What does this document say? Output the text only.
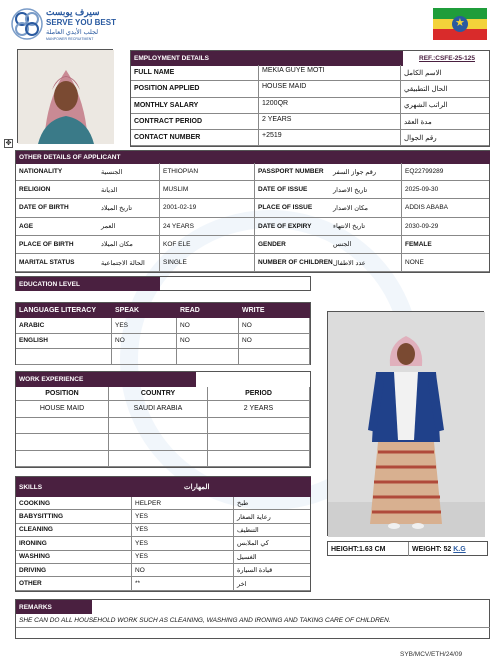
سيرف يوبست
SERVE YOU BEST
لجلب الأيدي العاملة
MANPOWER RECRUITMENT
★
✥
EMPLOYMENT DETAILS	REF.:CSFE-25-125
FULL NAME	MEKIA GUYE MOTI	الاسم الكامل
POSITION APPLIED	HOUSE MAID	الحال التطبيقي
MONTHLY SALARY	1200QR	الراتب الشهري
CONTRACT PERIOD	2 YEARS	مدة العقد
CONTACT NUMBER	+2519	رقم الجوال
OTHER DETAILS OF APPLICANT
NATIONALITY	الجنسية	ETHIOPIAN	PASSPORT NUMBER	رقم جواز السفر	EQ22799289
RELIGION	الديانة	MUSLIM	DATE OF ISSUE	تاريخ الاصدار	2025-09-30
DATE OF BIRTH	تاريخ الميلاد	2001-02-19	PLACE OF ISSUE	مكان الاصدار	ADDIS ABABA
AGE	العمر	24 YEARS	DATE OF EXPIRY	تاريخ الانتهاء	2030-09-29
PLACE OF BIRTH	مكان الميلاد	KOF ELE	GENDER	الجنس	FEMALE
MARITAL STATUS	الحالة الاجتماعية	SINGLE	NUMBER OF CHILDREN عدد الاطفال	NONE
EDUCATION LEVEL
LANGUAGE LITERACY	SPEAK	READ	WRITE
ARABIC	YES	NO	NO
ENGLISH	NO	NO	NO
WORK EXPERIENCE
POSITION	COUNTRY	PERIOD
HOUSE MAID	SAUDI ARABIA	2 YEARS
SKILLS	المهارات
COOKING	HELPER	طبخ
BABYSITTING	YES	رعاية الصغار
CLEANING	YES	التنظيف
IRONING	YES	كي الملابس
WASHING	YES	الغسيل
DRIVING	NO	قيادة السيارة
OTHER	**	اخر
HEIGHT:1.63 CM	WEIGHT: 52
K.G
REMARKS
SHE CAN DO ALL HOUSEHOLD WORK SUCH AS CLEANING, WASHING AND IRONING AND TAKING CARE OF CHILDREN.
SYB/MCV/ETH/24/09
